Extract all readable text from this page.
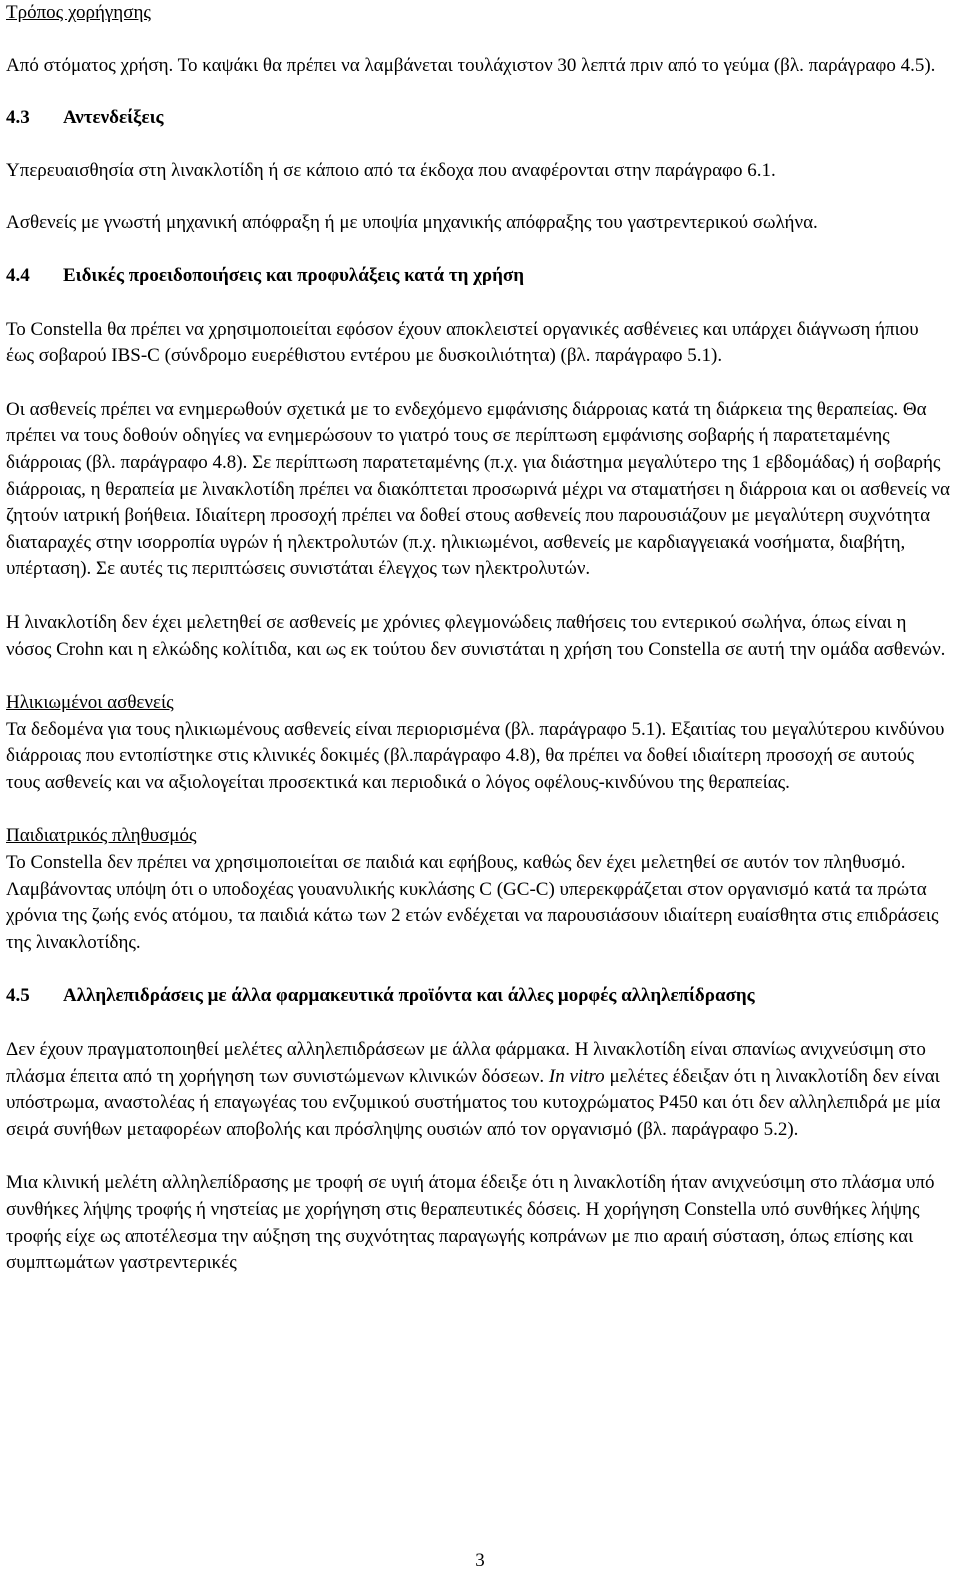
Τρόπος χορήγησης

Από στόματος χρήση. Το καψάκι θα πρέπει να λαμβάνεται τουλάχιστον 30 λεπτά πριν από το γεύμα (βλ. παράγραφο 4.5).

4.3	Αντενδείξεις

Υπερευαισθησία στη λινακλοτίδη ή σε κάποιο από τα έκδοχα που αναφέρονται στην παράγραφο 6.1.

Ασθενείς με γνωστή μηχανική απόφραξη ή με υποψία μηχανικής απόφραξης του γαστρεντερικού σωλήνα.

4.4	Ειδικές προειδοποιήσεις και προφυλάξεις κατά τη χρήση

Το Constella θα πρέπει να χρησιμοποιείται εφόσον έχουν αποκλειστεί οργανικές ασθένειες και υπάρχει διάγνωση ήπιου έως σοβαρού IBS-C (σύνδρομο ευερέθιστου εντέρου με δυσκοιλιότητα) (βλ. παράγραφο 5.1).

Οι ασθενείς πρέπει να ενημερωθούν σχετικά με το ενδεχόμενο εμφάνισης διάρροιας κατά τη διάρκεια της θεραπείας. Θα πρέπει να τους δοθούν οδηγίες να ενημερώσουν το γιατρό τους σε περίπτωση εμφάνισης σοβαρής ή παρατεταμένης διάρροιας (βλ. παράγραφο 4.8). Σε περίπτωση παρατεταμένης (π.χ. για διάστημα μεγαλύτερο της 1 εβδομάδας) ή σοβαρής διάρροιας, η θεραπεία με λινακλοτίδη πρέπει να διακόπτεται προσωρινά μέχρι να σταματήσει η διάρροια και οι ασθενείς να ζητούν ιατρική βοήθεια. Ιδιαίτερη προσοχή πρέπει να δοθεί στους ασθενείς που παρουσιάζουν με μεγαλύτερη συχνότητα διαταραχές στην ισορροπία υγρών ή ηλεκτρολυτών (π.χ. ηλικιωμένοι, ασθενείς με καρδιαγγειακά νοσήματα, διαβήτη, υπέρταση). Σε αυτές τις περιπτώσεις συνιστάται έλεγχος των ηλεκτρολυτών.

Η λινακλοτίδη δεν έχει μελετηθεί σε ασθενείς με χρόνιες φλεγμονώδεις παθήσεις του εντερικού σωλήνα, όπως είναι η νόσος Crohn και η ελκώδης κολίτιδα, και ως εκ τούτου δεν συνιστάται η χρήση του Constella σε αυτή την ομάδα ασθενών.

Ηλικιωμένοι ασθενείς

Τα δεδομένα για τους ηλικιωμένους ασθενείς είναι περιορισμένα (βλ. παράγραφο 5.1). Εξαιτίας του μεγαλύτερου κινδύνου διάρροιας που εντοπίστηκε στις κλινικές δοκιμές (βλ.παράγραφο 4.8), θα πρέπει να δοθεί ιδιαίτερη προσοχή σε αυτούς τους ασθενείς και να αξιολογείται προσεκτικά και περιοδικά ο λόγος οφέλους-κινδύνου της θεραπείας.

Παιδιατρικός πληθυσμός

Το Constella δεν πρέπει να χρησιμοποιείται σε παιδιά και εφήβους, καθώς δεν έχει μελετηθεί σε αυτόν τον πληθυσμό. Λαμβάνοντας υπόψη ότι ο υποδοχέας γουανυλικής κυκλάσης C (GC-C) υπερεκφράζεται στον οργανισμό κατά τα πρώτα χρόνια της ζωής ενός ατόμου, τα παιδιά κάτω των 2 ετών ενδέχεται να παρουσιάσουν ιδιαίτερη ευαίσθητα στις επιδράσεις της λινακλοτίδης.

4.5	Αλληλεπιδράσεις με άλλα φαρμακευτικά προϊόντα και άλλες μορφές αλληλεπίδρασης

Δεν έχουν πραγματοποιηθεί μελέτες αλληλεπιδράσεων με άλλα φάρμακα. Η λινακλοτίδη είναι σπανίως ανιχνεύσιμη στο πλάσμα έπειτα από τη χορήγηση των συνιστώμενων κλινικών δόσεων. In vitro μελέτες έδειξαν ότι η λινακλοτίδη δεν είναι υπόστρωμα, αναστολέας ή επαγωγέας του ενζυμικού συστήματος του κυτοχρώματος P450 και ότι δεν αλληλεπιδρά με μία σειρά συνήθων μεταφορέων αποβολής και πρόσληψης ουσιών από τον οργανισμό (βλ. παράγραφο 5.2).

Μια κλινική μελέτη αλληλεπίδρασης με τροφή σε υγιή άτομα έδειξε ότι η λινακλοτίδη ήταν ανιχνεύσιμη στο πλάσμα υπό συνθήκες λήψης τροφής ή νηστείας με χορήγηση στις θεραπευτικές δόσεις. Η χορήγηση Constella υπό συνθήκες λήψης τροφής είχε ως αποτέλεσμα την αύξηση της συχνότητας παραγωγής κοπράνων με πιο αραιή σύσταση, όπως επίσης και συμπτωμάτων γαστρεντερικές

3
